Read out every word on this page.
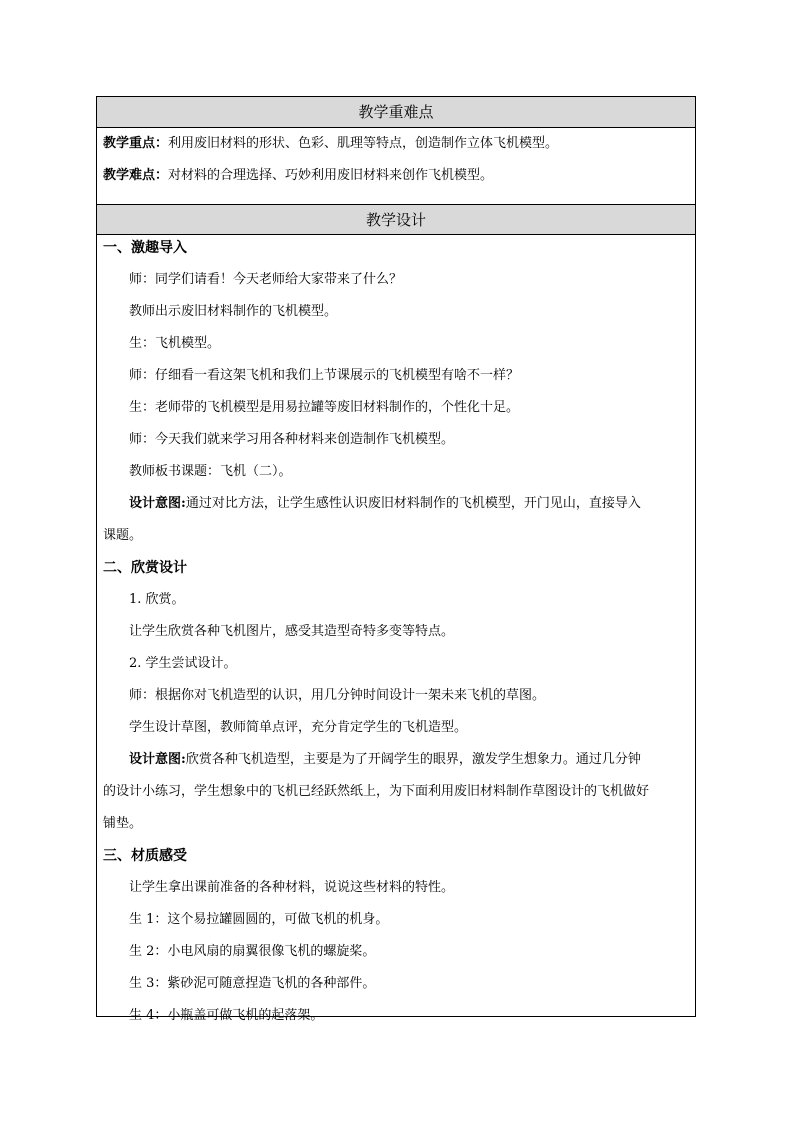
教学重难点

教学重点：利用废旧材料的形状、色彩、肌理等特点，创造制作立体飞机模型。

教学难点：对材料的合理选择、巧妙利用废旧材料来创作飞机模型。

教学设计

一、激趣导入

师：同学们请看！今天老师给大家带来了什么？

教师出示废旧材料制作的飞机模型。

生：飞机模型。

师：仔细看一看这架飞机和我们上节课展示的飞机模型有啥不一样？

生：老师带的飞机模型是用易拉罐等废旧材料制作的，个性化十足。

师：今天我们就来学习用各种材料来创造制作飞机模型。

教师板书课题：飞机（二）。

设计意图:通过对比方法，让学生感性认识废旧材料制作的飞机模型，开门见山，直接导入

课题。

二、欣赏设计

1. 欣赏。

让学生欣赏各种飞机图片，感受其造型奇特多变等特点。

2. 学生尝试设计。

师：根据你对飞机造型的认识，用几分钟时间设计一架未来飞机的草图。

学生设计草图，教师简单点评，充分肯定学生的飞机造型。

设计意图:欣赏各种飞机造型，主要是为了开阔学生的眼界，激发学生想象力。通过几分钟

的设计小练习，学生想象中的飞机已经跃然纸上，为下面利用废旧材料制作草图设计的飞机做好

铺垫。

三、材质感受

让学生拿出课前准备的各种材料，说说这些材料的特性。

生 1：这个易拉罐圆圆的，可做飞机的机身。

生 2：小电风扇的扇翼很像飞机的螺旋桨。

生 3：紫砂泥可随意捏造飞机的各种部件。

生 4：小瓶盖可做飞机的起落架。
